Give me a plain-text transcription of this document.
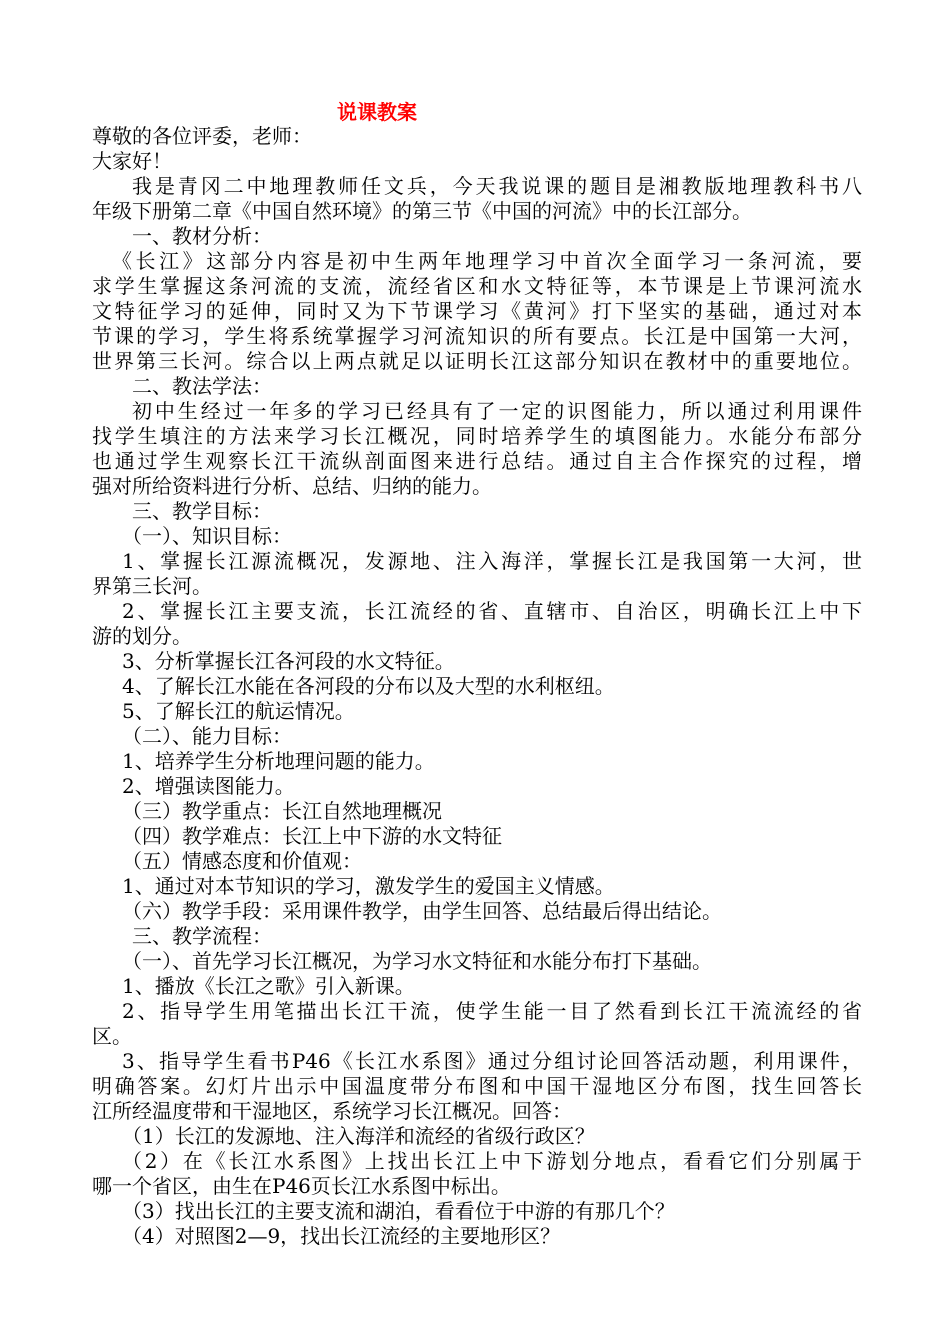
说课教案
尊敬的各位评委，老师：
大家好！
我是青冈二中地理教师任文兵，今天我说课的题目是湘教版地理教科书八
年级下册第二章《中国自然环境》的第三节《中国的河流》中的长江部分。
一、教材分析：
《长江》这部分内容是初中生两年地理学习中首次全面学习一条河流，要
求学生掌握这条河流的支流，流经省区和水文特征等，本节课是上节课河流水
文特征学习的延伸，同时又为下节课学习《黄河》打下坚实的基础，通过对本
节课的学习，学生将系统掌握学习河流知识的所有要点。长江是中国第一大河，
世界第三长河。综合以上两点就足以证明长江这部分知识在教材中的重要地位。
二、教法学法：
初中生经过一年多的学习已经具有了一定的识图能力，所以通过利用课件
找学生填注的方法来学习长江概况，同时培养学生的填图能力。水能分布部分
也通过学生观察长江干流纵剖面图来进行总结。通过自主合作探究的过程，增
强对所给资料进行分析、总结、归纳的能力。
三、教学目标：
（一）、知识目标：
1、掌握长江源流概况，发源地、注入海洋，掌握长江是我国第一大河，世
界第三长河。
2、掌握长江主要支流，长江流经的省、直辖市、自治区，明确长江上中下
游的划分。
3、分析掌握长江各河段的水文特征。
4、了解长江水能在各河段的分布以及大型的水利枢纽。
5、了解长江的航运情况。
（二）、能力目标：
1、培养学生分析地理问题的能力。
2、增强读图能力。
（三）教学重点：长江自然地理概况
（四）教学难点：长江上中下游的水文特征
（五）情感态度和价值观：
1、通过对本节知识的学习，激发学生的爱国主义情感。
（六）教学手段：采用课件教学，由学生回答、总结最后得出结论。
三、教学流程：
（一）、首先学习长江概况，为学习水文特征和水能分布打下基础。
1、播放《长江之歌》引入新课。
2、指导学生用笔描出长江干流，使学生能一目了然看到长江干流流经的省
区。
3、指导学生看书P46《长江水系图》通过分组讨论回答活动题，利用课件，
明确答案。幻灯片出示中国温度带分布图和中国干湿地区分布图，找生回答长
江所经温度带和干湿地区，系统学习长江概况。回答：
（1）长江的发源地、注入海洋和流经的省级行政区？
（2）在《长江水系图》上找出长江上中下游划分地点，看看它们分别属于
哪一个省区，由生在P46页长江水系图中标出。
（3）找出长江的主要支流和湖泊，看看位于中游的有那几个？
（4）对照图2—9，找出长江流经的主要地形区？
